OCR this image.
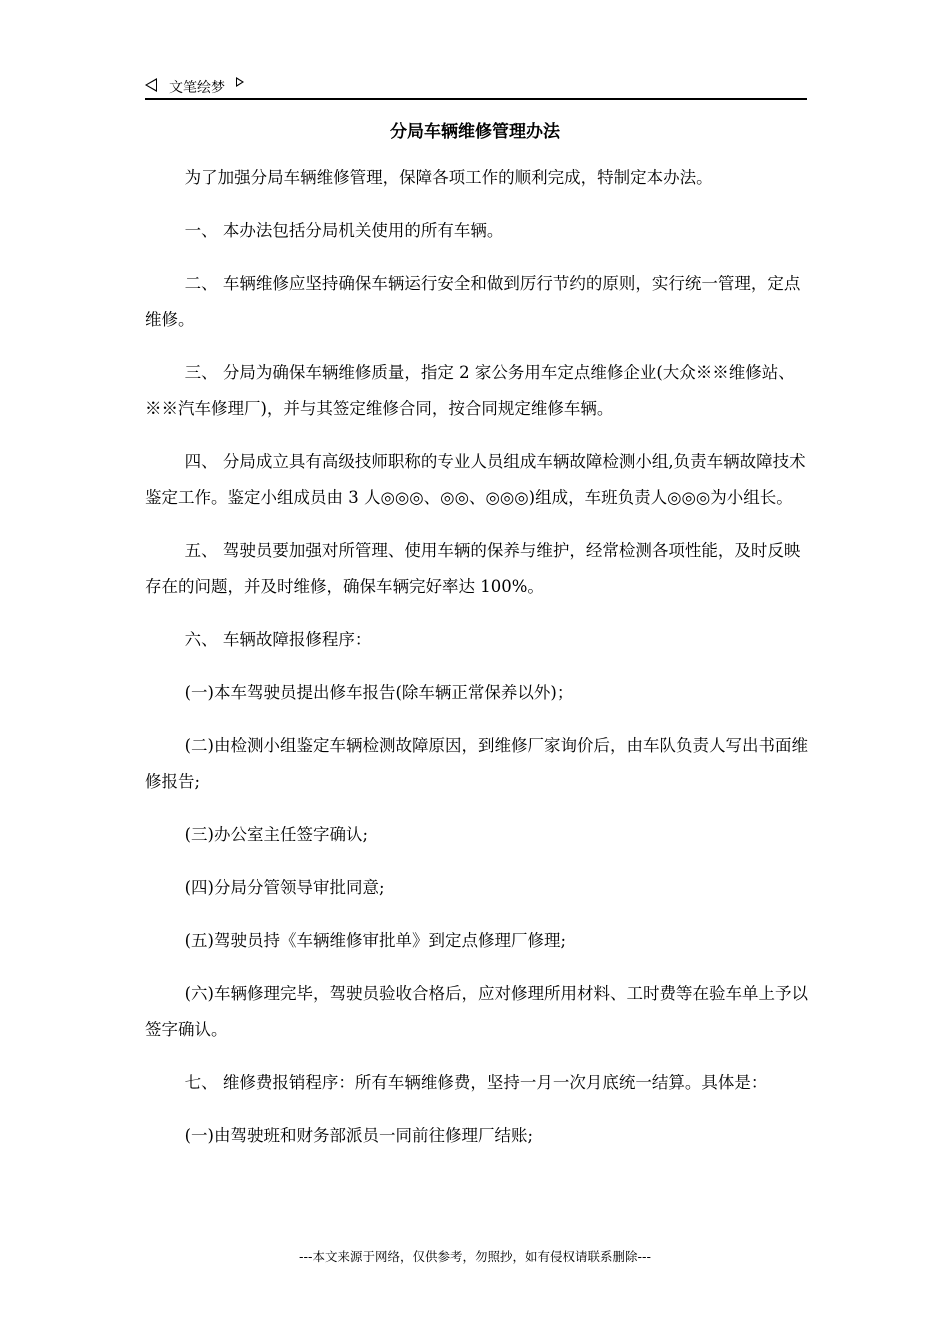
文笔绘梦
分局车辆维修管理办法

为了加强分局车辆维修管理，保障各项工作的顺利完成，特制定本办法。

一、 本办法包括分局机关使用的所有车辆。

二、 车辆维修应坚持确保车辆运行安全和做到厉行节约的原则，实行统一管理，定点维修。

三、 分局为确保车辆维修质量，指定 2 家公务用车定点维修企业(大众※※维修站、※※汽车修理厂)，并与其签定维修合同，按合同规定维修车辆。

四、 分局成立具有高级技师职称的专业人员组成车辆故障检测小组,负责车辆故障技术鉴定工作。鉴定小组成员由 3 人◎◎◎、◎◎、◎◎◎)组成，车班负责人◎◎◎为小组长。

五、 驾驶员要加强对所管理、使用车辆的保养与维护，经常检测各项性能，及时反映存在的问题，并及时维修，确保车辆完好率达 100%。

六、 车辆故障报修程序：

(一)本车驾驶员提出修车报告(除车辆正常保养以外)；

(二)由检测小组鉴定车辆检测故障原因，到维修厂家询价后，由车队负责人写出书面维修报告;

(三)办公室主任签字确认;

(四)分局分管领导审批同意;

(五)驾驶员持《车辆维修审批单》到定点修理厂修理;

(六)车辆修理完毕，驾驶员验收合格后，应对修理所用材料、工时费等在验车单上予以签字确认。

七、 维修费报销程序：所有车辆维修费，坚持一月一次月底统一结算。具体是：

(一)由驾驶班和财务部派员一同前往修理厂结账;

---本文来源于网络，仅供参考，勿照抄，如有侵权请联系删除---
